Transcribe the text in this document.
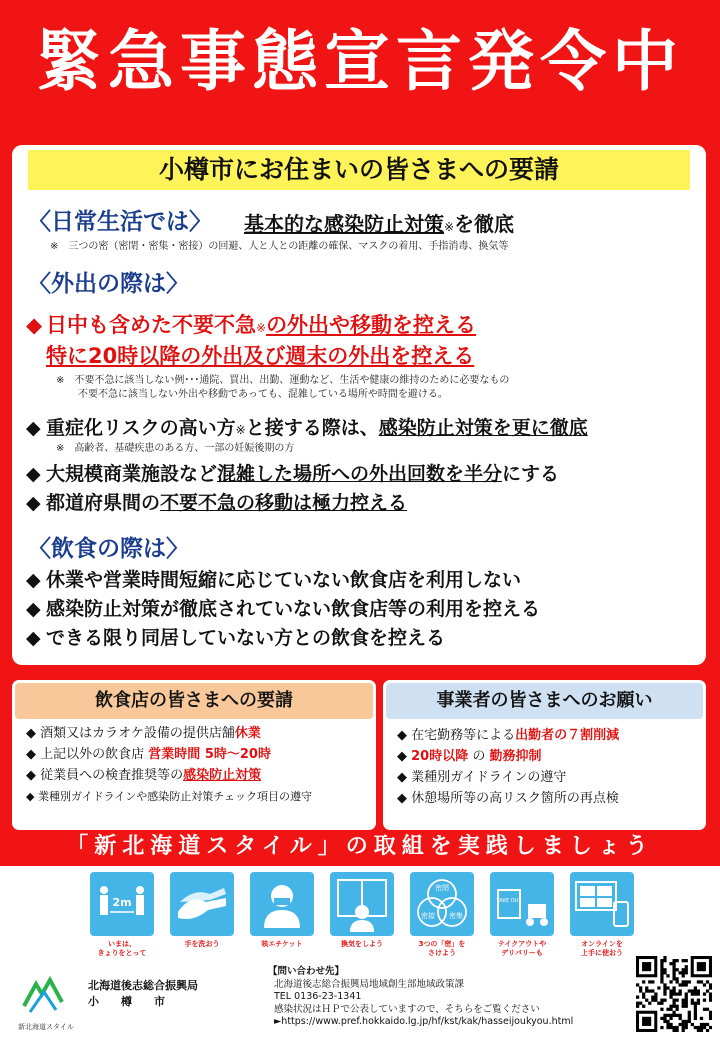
緊急事態宣言発令中
小樽市にお住まいの皆さまへの要請
〈日常生活では〉 基本的な感染防止対策※を徹底
※　三つの密（密閉・密集・密接）の回避、人と人との距離の確保、マスクの着用、手指消毒、換気等
〈外出の際は〉
◆ 日中も含めた不要不急※の外出や移動を控える
特に20時以降の外出及び週末の外出を控える
※　不要不急に該当しない例･･･通院、買出、出勤、運動など、生活や健康の維持のために必要なもの
不要不急に該当しない外出や移動であっても、混雑している場所や時間を避ける。
◆ 重症化リスクの高い方※と接する際は、感染防止対策を更に徹底
※　高齢者、基礎疾患のある方、一部の妊娠後期の方
◆ 大規模商業施設など混雑した場所への外出回数を半分にする
◆ 都道府県間の不要不急の移動は極力控える
〈飲食の際は〉
◆ 休業や営業時間短縮に応じていない飲食店を利用しない
◆ 感染防止対策が徹底されていない飲食店等の利用を控える
◆ できる限り同居していない方との飲食を控える
飲食店の皆さまへの要請
◆ 酒類又はカラオケ設備の提供店舗休業
◆ 上記以外の飲食店 営業時間 5時～20時
◆ 従業員への検査推奨等の感染防止対策
◆ 業種別ガイドラインや感染防止対策チェック項目の遵守
事業者の皆さまへのお願い
◆ 在宅勤務等による出勤者の７割削減
◆ 20時以降 の 勤務抑制
◆ 業種別ガイドラインの遵守
◆ 休憩場所等の高リスク箇所の再点検
「新北海道スタイル」の取組を実践しましょう
2m
いまは、
きょりをとって
手を洗おう	咳エチケット	換気をしよう
密閉
密接 密集
3つの「密」を
さけよう
TAKE OUT
テイクアウトや
デリバリーも
オンラインを
上手に使おう
新北海道スタイル
北海道後志総合振興局
小　　樽　　市
【問い合わせ先】
北海道後志総合振興局地域創生部地域政策課
TEL 0136-23-1341
感染状況はＨＰで公表していますので、そちらをご覧ください
►https://www.pref.hokkaido.lg.jp/hf/kst/kak/hasseijoukyou.html
